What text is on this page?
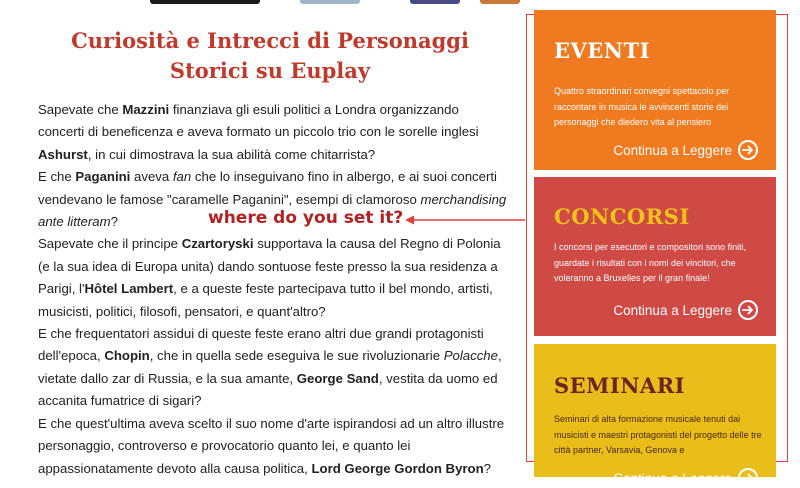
Curiosità e Intrecci di Personaggi Storici su Euplay

Sapevate che Mazzini finanziava gli esuli politici a Londra organizzando concerti di beneficenza e aveva formato un piccolo trio con le sorelle inglesi Ashurst, in cui dimostrava la sua abilità come chitarrista?

E che Paganini aveva fan che lo inseguivano fino in albergo, e ai suoi concerti vendevano le famose "caramelle Paganini", esempi di clamoroso merchandising ante litteram?

Sapevate che il principe Czartoryski supportava la causa del Regno di Polonia (e la sua idea di Europa unita) dando sontuose feste presso la sua residenza a Parigi, l'Hôtel Lambert, e a queste feste partecipava tutto il bel mondo, artisti, musicisti, politici, filosofi, pensatori, e quant'altro?

E che frequentatori assidui di queste feste erano altri due grandi protagonisti dell'epoca, Chopin, che in quella sede eseguiva le sue rivoluzionarie Polacche, vietate dallo zar di Russia, e la sua amante, George Sand, vestita da uomo ed accanita fumatrice di sigari?

E che quest'ultima aveva scelto il suo nome d'arte ispirandosi ad un altro illustre personaggio, controverso e provocatorio quanto lei, e quanto lei appassionatamente devoto alla causa politica, Lord George Gordon Byron?

where do you set it?
EVENTI

Quattro straordinari convegni spettacolo per raccontare in musica le avvincenti storie dei personaggi che diedero vita al pensiero

Continua a Leggere
CONCORSI

I concorsi per esecutori e compositori sono finiti, guardate i risultati con i nomi dei vincitori, che voleranno a Bruxelles per il gran finale!

Continua a Leggere
SEMINARI

Seminari di alta formazione musicale tenuti dai musicisti e maestri protagonisti del progetto delle tre città partner, Varsavia, Genova e

Continua a Leggere
